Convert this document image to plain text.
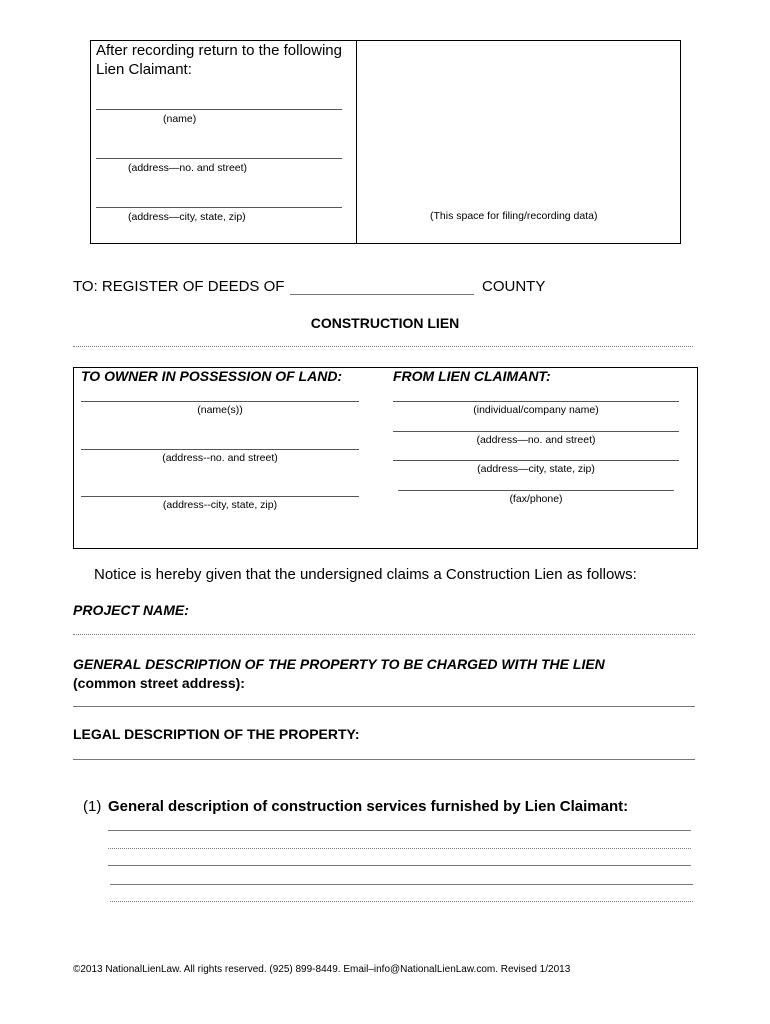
After recording return to the following Lien Claimant:
(name)
(address—no. and street)
(address—city, state, zip)	(This space for filing/recording data)
TO: REGISTER OF DEEDS OF	COUNTY
CONSTRUCTION LIEN
TO OWNER IN POSSESSION OF LAND:
(name(s))
(address--no. and street)
(address--city, state, zip)
FROM LIEN CLAIMANT:
(individual/company name)
(address—no. and street)
(address—city, state, zip)
(fax/phone)
Notice is hereby given that the undersigned claims a Construction Lien as follows:
PROJECT NAME:
GENERAL DESCRIPTION OF THE PROPERTY TO BE CHARGED WITH THE LIEN
(common street address):
LEGAL DESCRIPTION OF THE PROPERTY:
(1) General description of construction services furnished by Lien Claimant:
©2013 NationalLienLaw. All rights reserved. (925) 899-8449. Email–info@NationalLienLaw.com. Revised 1/2013
